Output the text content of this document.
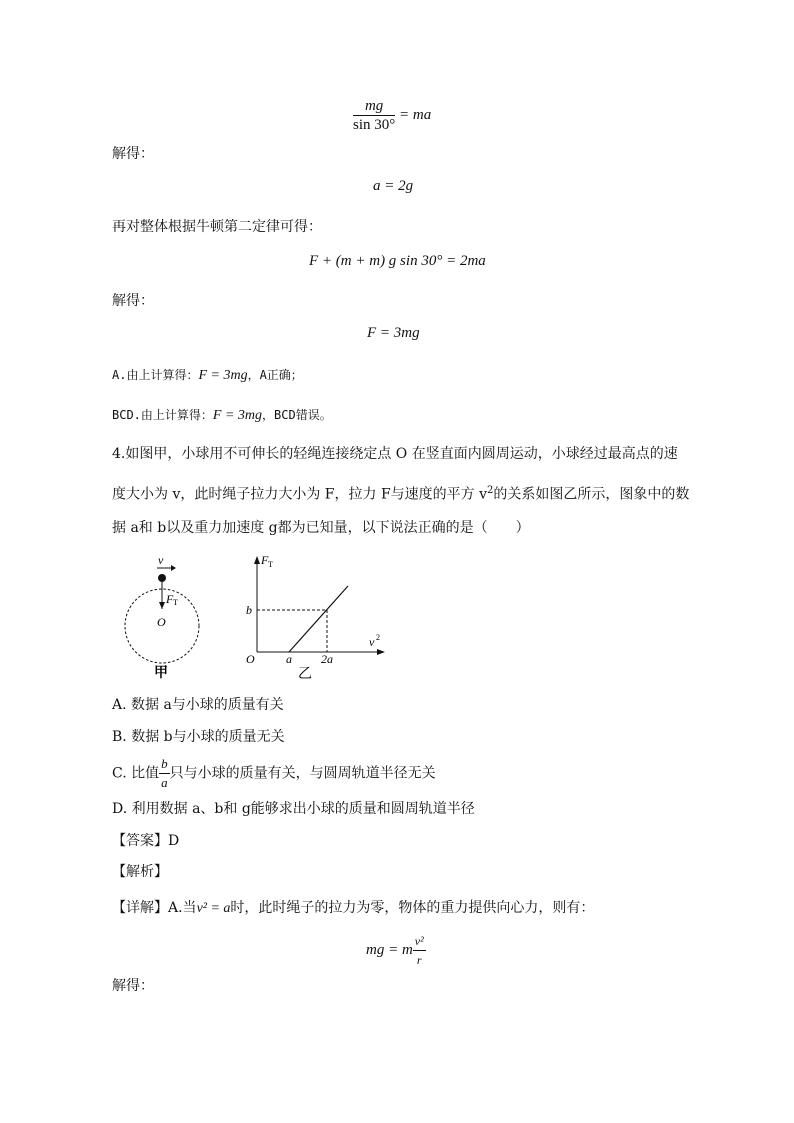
$\frac{mg}{\sin 30^\circ}$ = ma
解得：
a = 2g
再对整体根据牛顿第二定律可得：
F + (m + m) g sin 30° = 2ma
解得：
F = 3mg
A.由上计算得：F = 3mg，A正确；
BCD.由上计算得：F = 3mg，BCD错误。
4.如图甲，小球用不可伸长的轻绳连接绕定点 O 在竖直面内圆周运动，小球经过最高点的速
度大小为 v，此时绳子拉力大小为 F，拉力 F与速度的平方 $v^2$的关系如图乙所示，图象中的数
据 a和 b以及重力加速度 g都为已知量，以下说法正确的是（　　）
v
F T
O
甲
F T
b
O	a 2a
v 2
乙
A. 数据 a与小球的质量有关
B. 数据 b与小球的质量无关
C. 比值 $\frac{b}{a}$ 只与小球的质量有关，与圆周轨道半径无关
D. 利用数据 a、b和 g能够求出小球的质量和圆周轨道半径
【答案】D
【解析】
【详解】A.当v² = a时，此时绳子的拉力为零，物体的重力提供向心力，则有：
mg = m $\frac{\text{v²}}{r}$
解得：
